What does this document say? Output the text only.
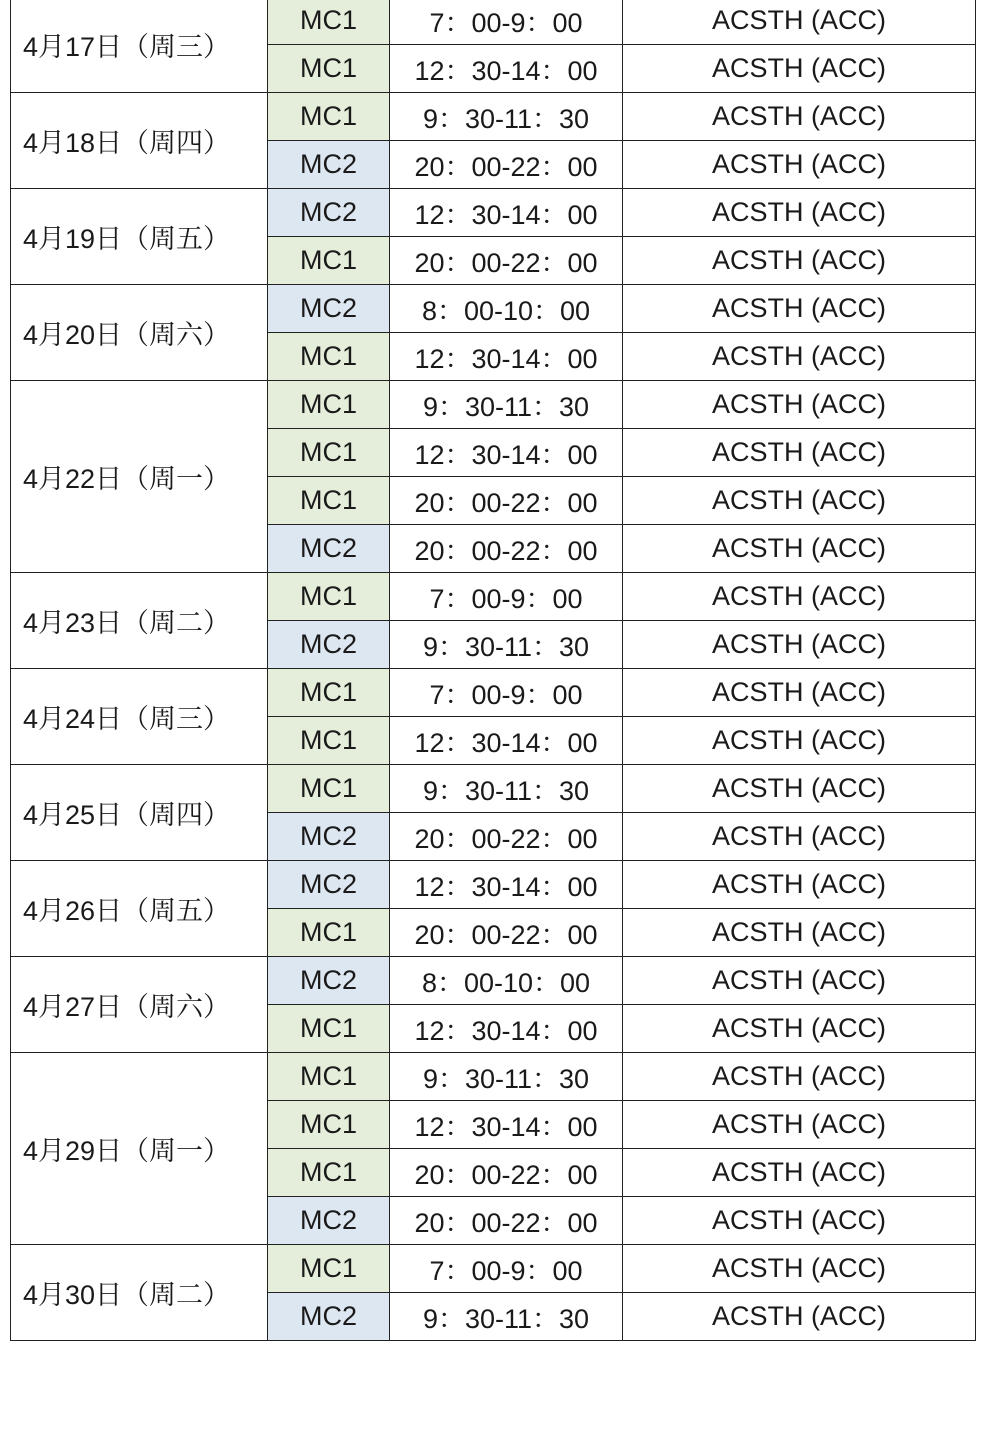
4月17日（周三）	MC1	7：00-9：00	ACSTH (ACC)
	MC1	12：30-14：00	ACSTH (ACC)
4月18日（周四）	MC1	9：30-11：30	ACSTH (ACC)
	MC2	20：00-22：00	ACSTH (ACC)
4月19日（周五）	MC2	12：30-14：00	ACSTH (ACC)
	MC1	20：00-22：00	ACSTH (ACC)
4月20日（周六）	MC2	8：00-10：00	ACSTH (ACC)
	MC1	12：30-14：00	ACSTH (ACC)
4月22日（周一）	MC1	9：30-11：30	ACSTH (ACC)
	MC1	12：30-14：00	ACSTH (ACC)
	MC1	20：00-22：00	ACSTH (ACC)
	MC2	20：00-22：00	ACSTH (ACC)
4月23日（周二）	MC1	7：00-9：00	ACSTH (ACC)
	MC2	9：30-11：30	ACSTH (ACC)
4月24日（周三）	MC1	7：00-9：00	ACSTH (ACC)
	MC1	12：30-14：00	ACSTH (ACC)
4月25日（周四）	MC1	9：30-11：30	ACSTH (ACC)
	MC2	20：00-22：00	ACSTH (ACC)
4月26日（周五）	MC2	12：30-14：00	ACSTH (ACC)
	MC1	20：00-22：00	ACSTH (ACC)
4月27日（周六）	MC2	8：00-10：00	ACSTH (ACC)
	MC1	12：30-14：00	ACSTH (ACC)
4月29日（周一）	MC1	9：30-11：30	ACSTH (ACC)
	MC1	12：30-14：00	ACSTH (ACC)
	MC1	20：00-22：00	ACSTH (ACC)
	MC2	20：00-22：00	ACSTH (ACC)
4月30日（周二）	MC1	7：00-9：00	ACSTH (ACC)
	MC2	9：30-11：30	ACSTH (ACC)
